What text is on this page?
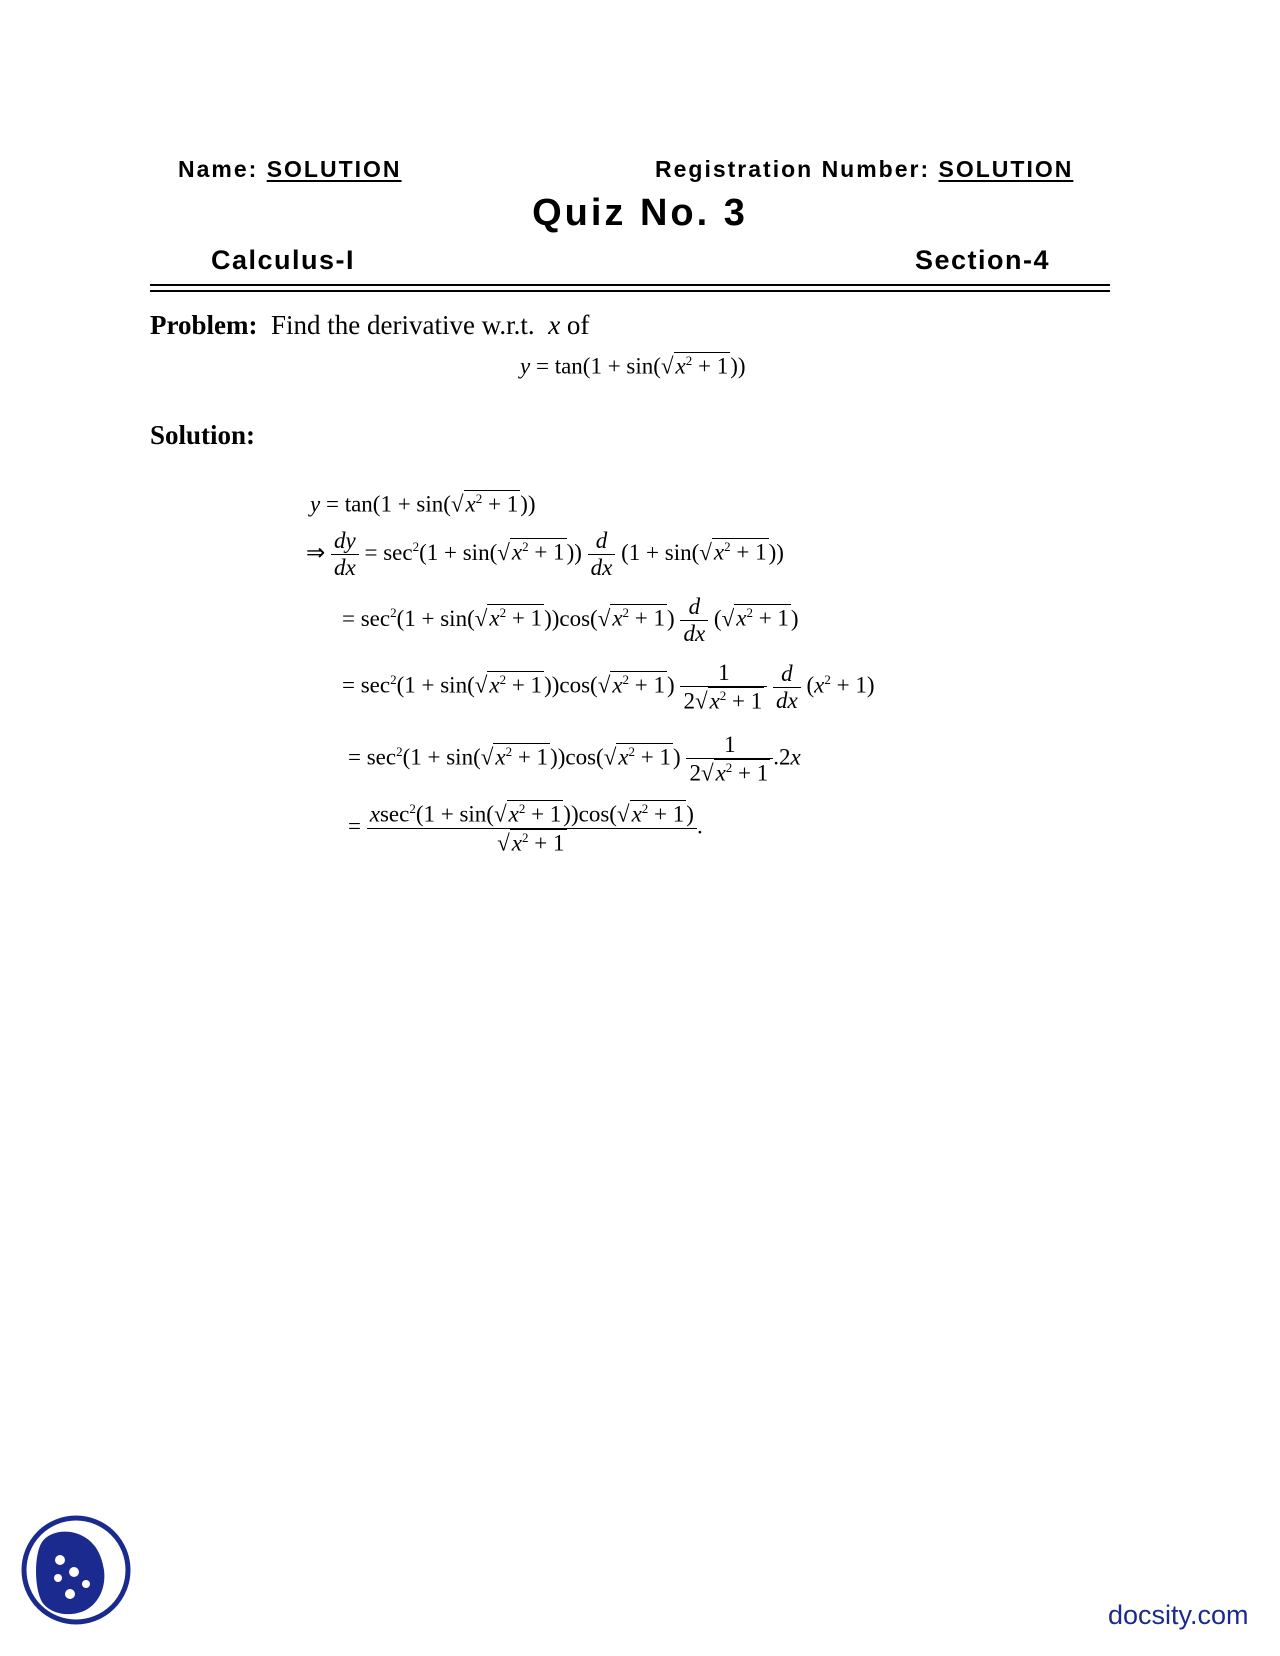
Name: SOLUTION	Registration Number: SOLUTION
Quiz No. 3
Calculus-I	Section-4
Problem: Find the derivative w.r.t. x of
$y = \tan(1 + \sin(√x^2 + 1))$
Solution:
$y = \tan(1 + \sin(√x^2 + 1))$
⇒ $\frac{dy}{dx} = \sec^2(1 + \sin(√x^2 + 1)) \frac{d}{dx} (1 + \sin(√x^2 + 1))$
= $\sec^2(1 + \sin(√x^2 + 1))\cos(√x^2 + 1) \frac{d}{dx} (√x^2 + 1)$
= $\sec^2(1 + \sin(√x^2 + 1))\cos(√x^2 + 1) \frac{1}{2√x^2 + 1}$
$\frac{d}{dx} (x^2 + 1)$
= $\sec^2(1 + \sin(√x^2 + 1))\cos(√x^2 + 1) \frac{1}{2√x^2 + 1} .2x$
= $\frac{xsec^2(1 + \sin(√x^2 + 1))\cos(√x^2 + 1)}{√x^2 + 1}$ .
docsity.com
